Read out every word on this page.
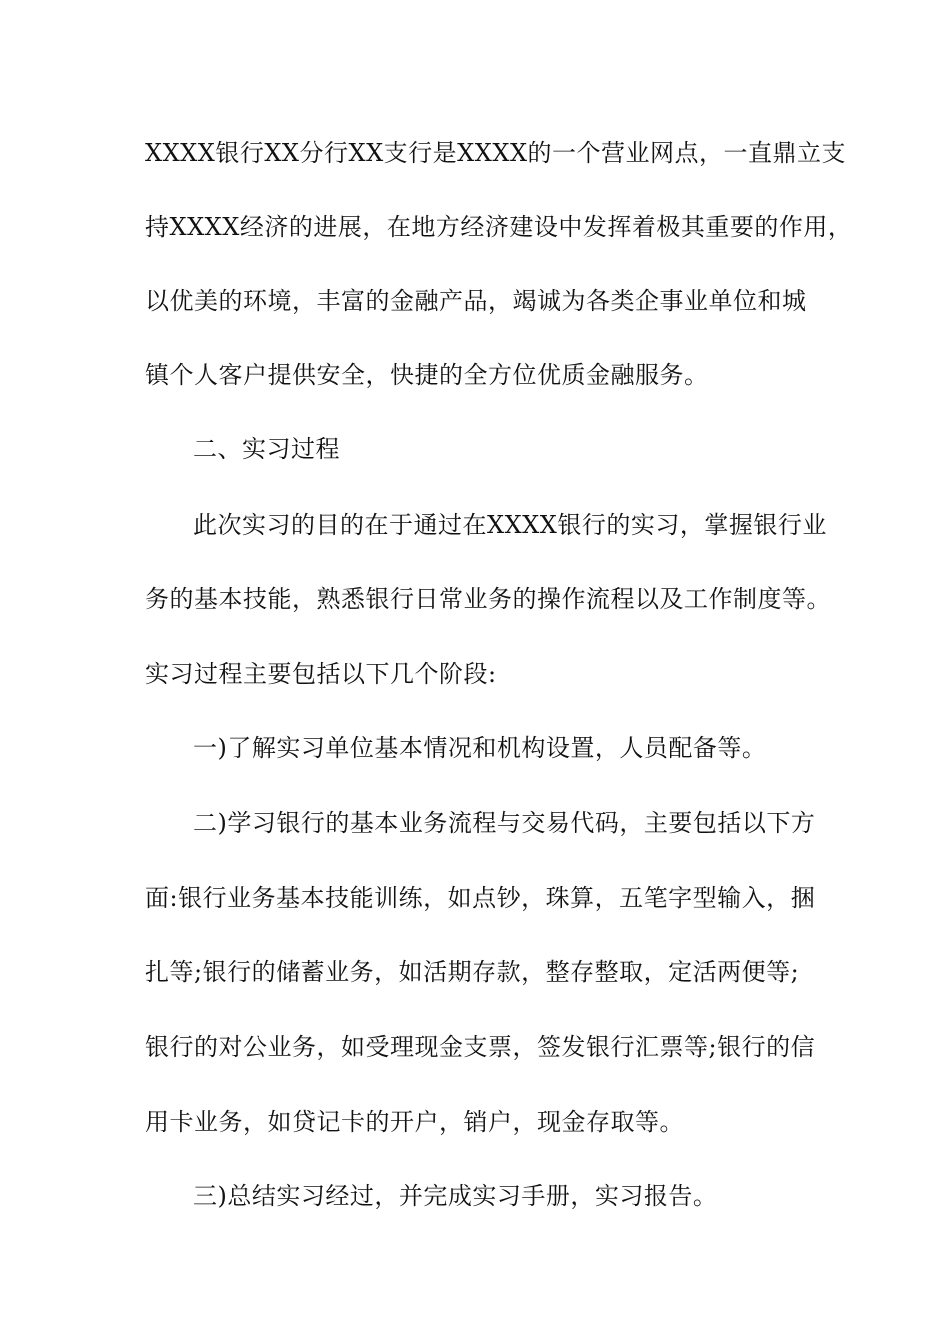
XXXX银行XX分行XX支行是XXXX的一个营业网点，一直鼎立支
持XXXX经济的进展，在地方经济建设中发挥着极其重要的作用，
以优美的环境，丰富的金融产品，竭诚为各类企事业单位和城
镇个人客户提供安全，快捷的全方位优质金融服务。
二、实习过程
此次实习的目的在于通过在XXXX银行的实习，掌握银行业
务的基本技能，熟悉银行日常业务的操作流程以及工作制度等。
实习过程主要包括以下几个阶段:
一)了解实习单位基本情况和机构设置，人员配备等。
二)学习银行的基本业务流程与交易代码，主要包括以下方
面:银行业务基本技能训练，如点钞，珠算，五笔字型输入，捆
扎等;银行的储蓄业务，如活期存款，整存整取，定活两便等;
银行的对公业务，如受理现金支票，签发银行汇票等;银行的信
用卡业务，如贷记卡的开户，销户，现金存取等。
三)总结实习经过，并完成实习手册，实习报告。
